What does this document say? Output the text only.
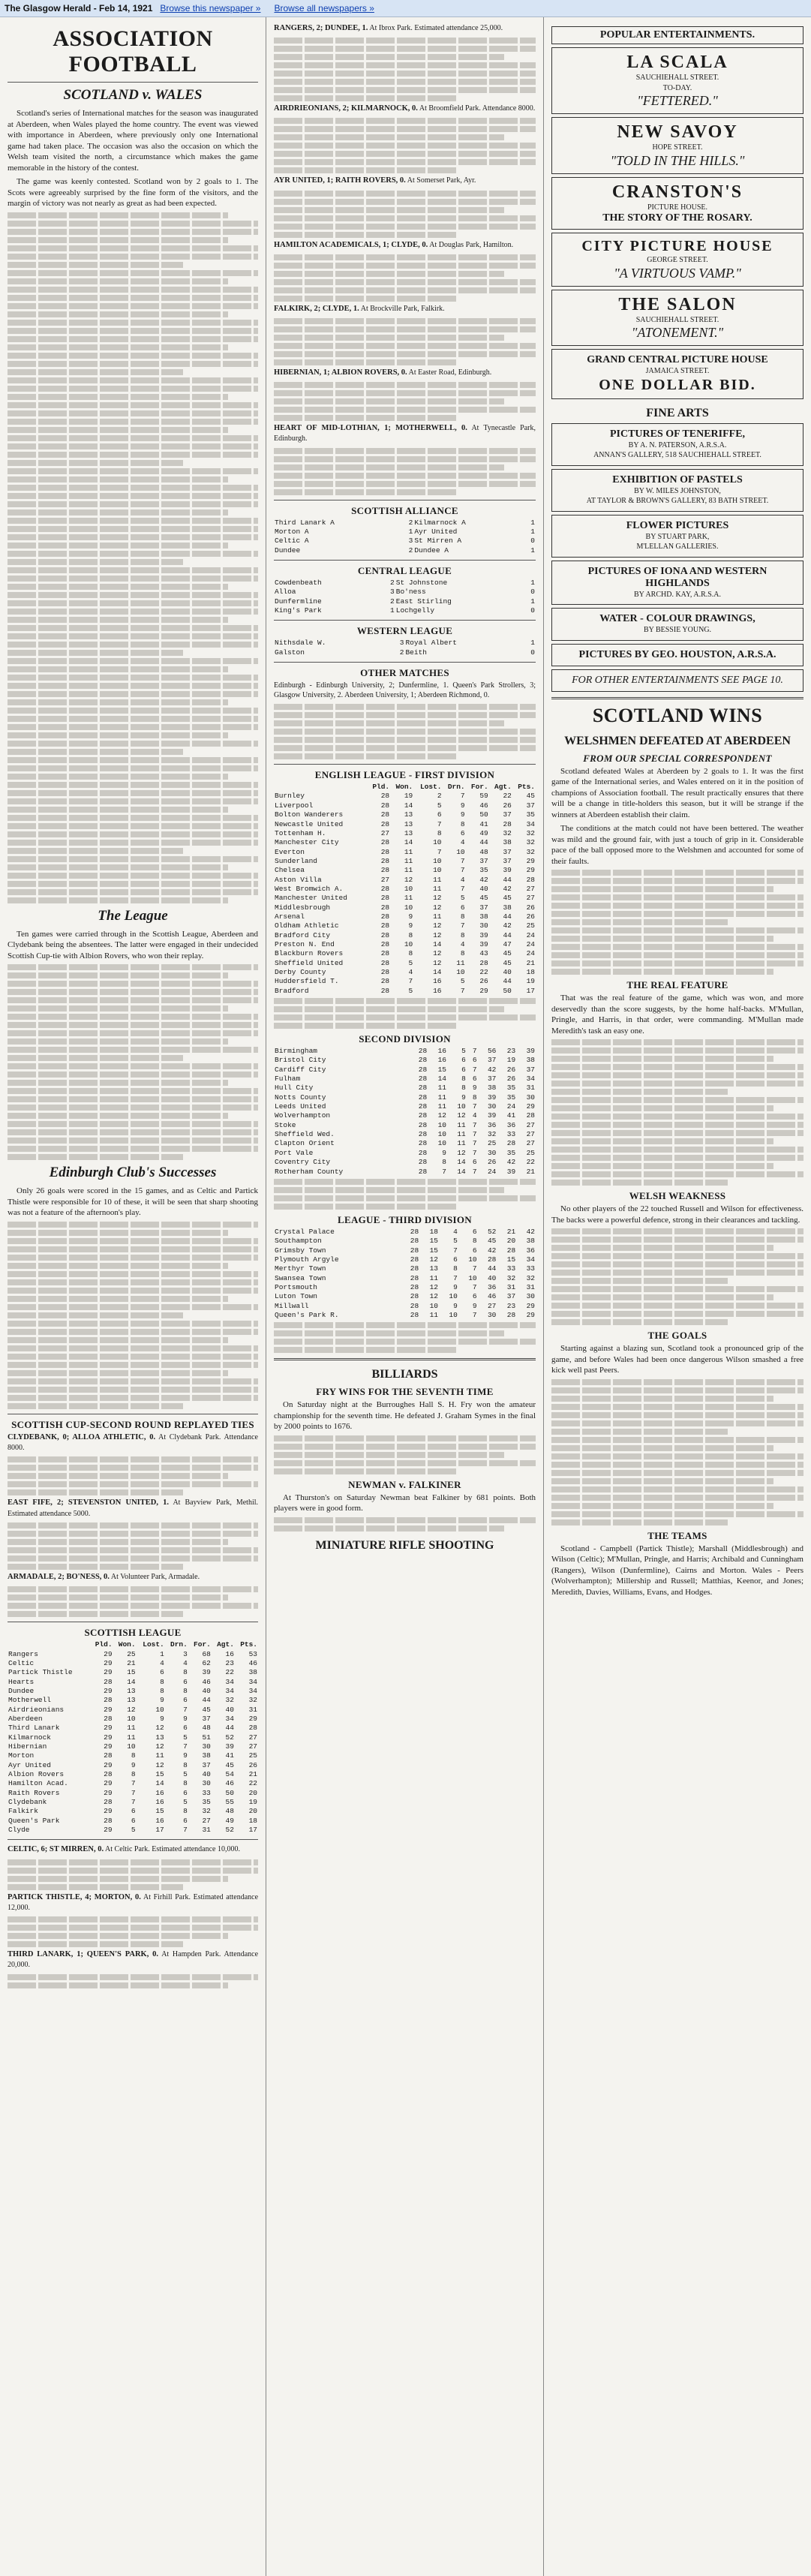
The Glasgow Herald - Feb 14, 1921 Browse this newspaper » Browse all newspapers »
ASSOCIATION FOOTBALL
SCOTLAND v. WALES

Scotland's series of International matches for the season was inaugurated at Aberdeen, when Wales played the home country. The event was viewed with importance in Aberdeen, where previously only one International game had taken place. The occasion was also the occasion on which the Welsh team visited the north, a circumstance which makes the game memorable in the history of the contest.

The game was keenly contested. Scotland won by 2 goals to 1. The Scots were agreeably surprised by the fine form of the visitors, and the margin of victory was not nearly as great as had been expected.

The League

Ten games were carried through in the Scottish League, Aberdeen and Clydebank being the absentees. The latter were engaged in their undecided Scottish Cup-tie with Albion Rovers, who won their replay.

Edinburgh Club's Successes

Only 26 goals were scored in the 15 games, and as Celtic and Partick Thistle were responsible for 10 of these, it will be seen that sharp shooting was not a feature of the afternoon's play.

SCOTTISH CUP-SECOND ROUND REPLAYED TIES
CLYDEBANK, 0; ALLOA ATHLETIC, 0. At Clydebank Park. Attendance 8000.
EAST FIFE, 2; STEVENSTON UNITED, 1. At Bayview Park, Methil. Estimated attendance 5000.
ARMADALE, 2; BO'NESS, 0. At Volunteer Park, Armadale.
SCOTTISH LEAGUE
	Pld.	Won.	Lost.	Drn.	For.	Agt.	Pts.
Rangers	29	25	1	3	68	16	53
Celtic	29	21	4	4	62	23	46
Partick Thistle	29	15	6	8	39	22	38
Hearts	28	14	8	6	46	34	34
Dundee	29	13	8	8	40	34	34
Motherwell	28	13	9	6	44	32	32
Airdrieonians	29	12	10	7	45	40	31
Aberdeen	28	10	9	9	37	34	29
Third Lanark	29	11	12	6	48	44	28
Kilmarnock	29	11	13	5	51	52	27
Hibernian	29	10	12	7	30	39	27
Morton	28	8	11	9	38	41	25
Ayr United	29	9	12	8	37	45	26
Albion Rovers	28	8	15	5	40	54	21
Hamilton Acad.	29	7	14	8	30	46	22
Raith Rovers	29	7	16	6	33	50	20
Clydebank	28	7	16	5	35	55	19
Falkirk	29	6	15	8	32	48	20
Queen's Park	28	6	16	6	27	49	18
Clyde	29	5	17	7	31	52	17
CELTIC, 6; ST MIRREN, 0. At Celtic Park. Estimated attendance 10,000.
PARTICK THISTLE, 4; MORTON, 0. At Firhill Park. Estimated attendance 12,000.
THIRD LANARK, 1; QUEEN'S PARK, 0. At Hampden Park. Attendance 20,000.
RANGERS, 2; DUNDEE, 1. At Ibrox Park. Estimated attendance 25,000.
AIRDRIEONIANS, 2; KILMARNOCK, 0. At Broomfield Park. Attendance 8000.
AYR UNITED, 1; RAITH ROVERS, 0. At Somerset Park, Ayr.
HAMILTON ACADEMICALS, 1; CLYDE, 0. At Douglas Park, Hamilton.
FALKIRK, 2; CLYDE, 1. At Brockville Park, Falkirk.
HIBERNIAN, 1; ALBION ROVERS, 0. At Easter Road, Edinburgh.
HEART OF MID-LOTHIAN, 1; MOTHERWELL, 0. At Tynecastle Park, Edinburgh.
SCOTTISH ALLIANCE
Third Lanark A	2	Kilmarnock A	1
Morton A	1	Ayr United	1
Celtic A	3	St Mirren A	0
Dundee	2	Dundee A	1
CENTRAL LEAGUE
Cowdenbeath	2	St Johnstone	1
Alloa	3	Bo'ness	0
Dunfermline	2	East Stirling	1
King's Park	1	Lochgelly	0
WESTERN LEAGUE
Nithsdale W.	3	Royal Albert	1
Galston	2	Beith	0
OTHER MATCHES
Edinburgh - Edinburgh University, 2; Dunfermline, 1. Queen's Park Strollers, 3; Glasgow University, 2. Aberdeen University, 1; Aberdeen Richmond, 0.
ENGLISH LEAGUE - FIRST DIVISION
	Pld.	Won.	Lost.	Drn.	For.	Agt.	Pts.
Burnley	28	19	2	7	59	22	45
Liverpool	28	14	5	9	46	26	37
Bolton Wanderers	28	13	6	9	50	37	35
Newcastle United	28	13	7	8	41	28	34
Tottenham H.	27	13	8	6	49	32	32
Manchester City	28	14	10	4	44	38	32
Everton	28	11	7	10	48	37	32
Sunderland	28	11	10	7	37	37	29
Chelsea	28	11	10	7	35	39	29
Aston Villa	27	12	11	4	42	44	28
West Bromwich A.	28	10	11	7	40	42	27
Manchester United	28	11	12	5	45	45	27
Middlesbrough	28	10	12	6	37	38	26
Arsenal	28	9	11	8	38	44	26
Oldham Athletic	28	9	12	7	30	42	25
Bradford City	28	8	12	8	39	44	24
Preston N. End	28	10	14	4	39	47	24
Blackburn Rovers	28	8	12	8	43	45	24
Sheffield United	28	5	12	11	28	45	21
Derby County	28	4	14	10	22	40	18
Huddersfield T.	28	7	16	5	26	44	19
Bradford	28	5	16	7	29	50	17
SECOND DIVISION
Birmingham	28	16	5	7	56	23	39
Bristol City	28	16	6	6	37	19	38
Cardiff City	28	15	6	7	42	26	37
Fulham	28	14	8	6	37	26	34
Hull City	28	11	8	9	38	35	31
Notts County	28	11	9	8	39	35	30
Leeds United	28	11	10	7	30	24	29
Wolverhampton	28	12	12	4	39	41	28
Stoke	28	10	11	7	36	36	27
Sheffield Wed.	28	10	11	7	32	33	27
Clapton Orient	28	10	11	7	25	28	27
Port Vale	28	9	12	7	30	35	25
Coventry City	28	8	14	6	26	42	22
Rotherham County	28	7	14	7	24	39	21
LEAGUE - THIRD DIVISION
Crystal Palace	28	18	4	6	52	21	42
Southampton	28	15	5	8	45	20	38
Grimsby Town	28	15	7	6	42	28	36
Plymouth Argyle	28	12	6	10	28	15	34
Merthyr Town	28	13	8	7	44	33	33
Swansea Town	28	11	7	10	40	32	32
Portsmouth	28	12	9	7	36	31	31
Luton Town	28	12	10	6	46	37	30
Millwall	28	10	9	9	27	23	29
Queen's Park R.	28	11	10	7	30	28	29
BILLIARDS
FRY WINS FOR THE SEVENTH TIME

On Saturday night at the Burroughes Hall S. H. Fry won the amateur championship for the seventh time. He defeated J. Graham Symes in the final by 2000 points to 1676.

NEWMAN v. FALKINER

At Thurston's on Saturday Newman beat Falkiner by 681 points. Both players were in good form.

MINIATURE RIFLE SHOOTING
POPULAR ENTERTAINMENTS.
LA SCALA
SAUCHIEHALL STREET.
TO-DAY.
"FETTERED."
NEW SAVOY
HOPE STREET.
"TOLD IN THE HILLS."
CRANSTON'S
PICTURE HOUSE.
THE STORY OF THE ROSARY.
CITY PICTURE HOUSE
GEORGE STREET.
"A VIRTUOUS VAMP."
THE SALON
SAUCHIEHALL STREET.
"ATONEMENT."
GRAND CENTRAL PICTURE HOUSE
JAMAICA STREET.
ONE DOLLAR BID.
FINE ARTS
PICTURES OF TENERIFFE,
BY A. N. PATERSON, A.R.S.A.
ANNAN'S GALLERY, 518 SAUCHIEHALL STREET.
EXHIBITION OF PASTELS
BY W. MILES JOHNSTON,
AT TAYLOR & BROWN'S GALLERY, 83 BATH STREET.
FLOWER PICTURES
BY STUART PARK,
M'LELLAN GALLERIES.
PICTURES OF IONA AND WESTERN HIGHLANDS
BY ARCHD. KAY, A.R.S.A.
WATER - COLOUR DRAWINGS,
BY BESSIE YOUNG.
PICTURES BY GEO. HOUSTON, A.R.S.A.
FOR OTHER ENTERTAINMENTS SEE PAGE 10.
SCOTLAND WINS
WELSHMEN DEFEATED AT ABERDEEN
FROM OUR SPECIAL CORRESPONDENT

Scotland defeated Wales at Aberdeen by 2 goals to 1. It was the first game of the International series, and Wales entered on it in the position of champions of Association football. The result practically ensures that there will be a change in title-holders this season, but it will be strange if the winners at Aberdeen establish their claim.

The conditions at the match could not have been bettered. The weather was mild and the ground fair, with just a touch of grip in it. Considerable pace of the ball opposed more to the Welshmen and accounted for some of their faults.

THE REAL FEATURE

That was the real feature of the game, which was won, and more deservedly than the score suggests, by the home half-backs. M'Mullan, Pringle, and Harris, in that order, were commanding. M'Mullan made Meredith's task an easy one.

WELSH WEAKNESS

No other players of the 22 touched Russell and Wilson for effectiveness. The backs were a powerful defence, strong in their clearances and tackling.

THE GOALS

Starting against a blazing sun, Scotland took a pronounced grip of the game, and before Wales had been once dangerous Wilson smashed a free kick well past Peers.

THE TEAMS

Scotland - Campbell (Partick Thistle); Marshall (Middlesbrough) and Wilson (Celtic); M'Mullan, Pringle, and Harris; Archibald and Cunningham (Rangers), Wilson (Dunfermline), Cairns and Morton. Wales - Peers (Wolverhampton); Millership and Russell; Matthias, Keenor, and Jones; Meredith, Davies, Williams, Evans, and Hodges.
